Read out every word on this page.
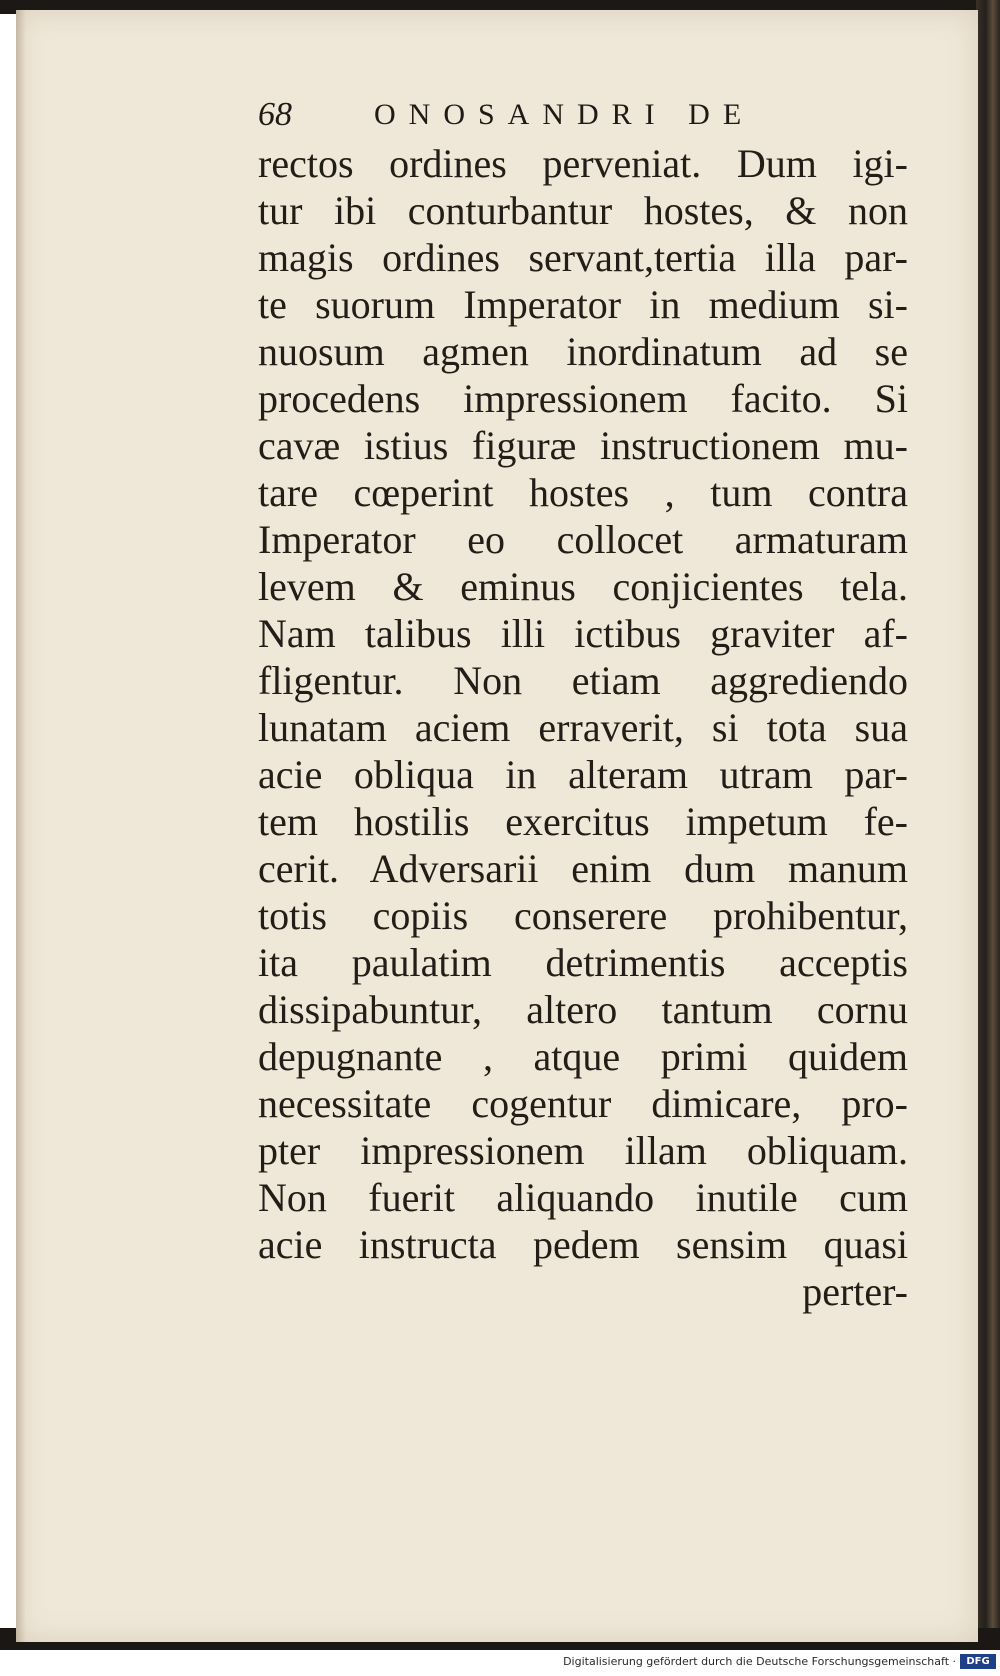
68	ONOSANDRI DE
rectos ordines perveniat. Dum igi-
tur ibi conturbantur hostes, & non
magis ordines servant,tertia illa par-
te suorum Imperator in medium si-
nuosum agmen inordinatum ad se
procedens impressionem facito. Si
cavæ istius figuræ instructionem mu-
tare cœperint hostes , tum contra
Imperator eo collocet armaturam
levem & eminus conjicientes tela.
Nam talibus illi ictibus graviter af-
fligentur. Non etiam aggrediendo
lunatam aciem erraverit, si tota sua
acie obliqua in alteram utram par-
tem hostilis exercitus impetum fe-
cerit. Adversarii enim dum manum
totis copiis conserere prohibentur,
ita paulatim detrimentis acceptis
dissipabuntur, altero tantum cornu
depugnante , atque primi quidem
necessitate cogentur dimicare, pro-
pter impressionem illam obliquam.
Non fuerit aliquando inutile cum
acie instructa pedem sensim quasi
perter-
Digitalisierung gefördert durch die Deutsche Forschungsgemeinschaft ·	DFG
